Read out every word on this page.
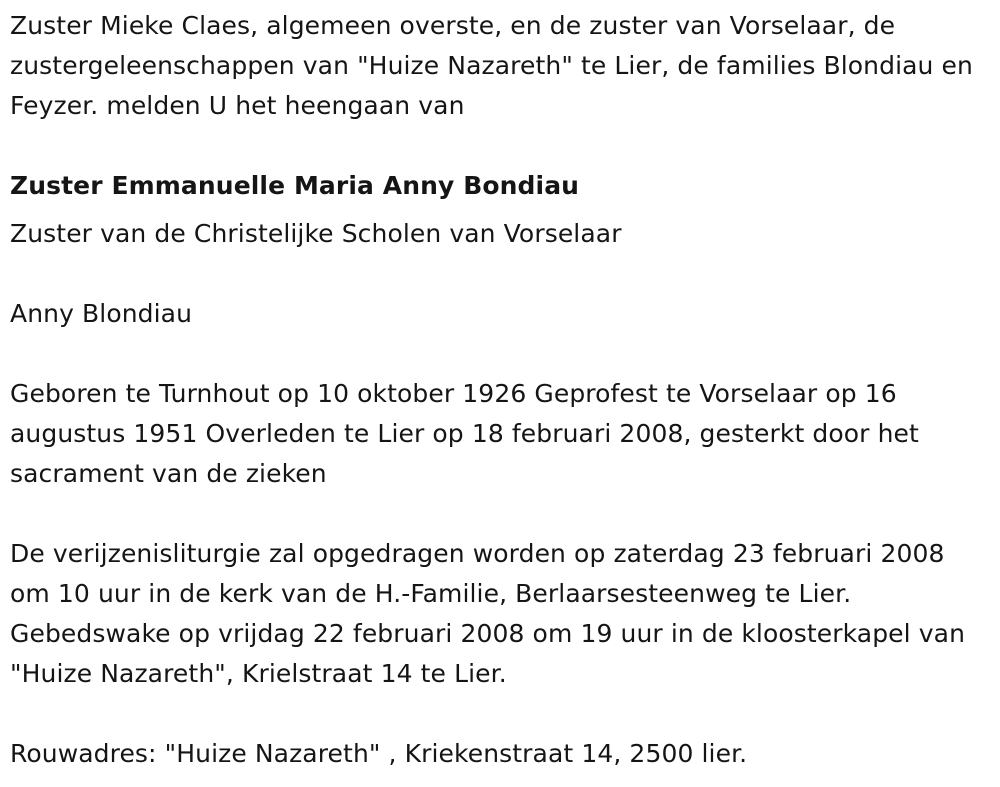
Zuster Mieke Claes, algemeen overste, en de zuster van Vorselaar, de zustergeleenschappen van "Huize Nazareth" te Lier, de families Blondiau en Feyzer. melden U het heengaan van

Zuster Emmanuelle Maria Anny Bondiau

Zuster van de Christelijke Scholen van Vorselaar

Anny Blondiau

Geboren te Turnhout op 10 oktober 1926 Geprofest te Vorselaar op 16 augustus 1951 Overleden te Lier op 18 februari 2008, gesterkt door het sacrament van de zieken

De verijzenisliturgie zal opgedragen worden op zaterdag 23 februari 2008 om 10 uur in de kerk van de H.-Familie, Berlaarsesteenweg te Lier. Gebedswake op vrijdag 22 februari 2008 om 19 uur in de kloosterkapel van "Huize Nazareth", Krielstraat 14 te Lier.

Rouwadres: "Huize Nazareth" , Kriekenstraat 14, 2500 lier.
